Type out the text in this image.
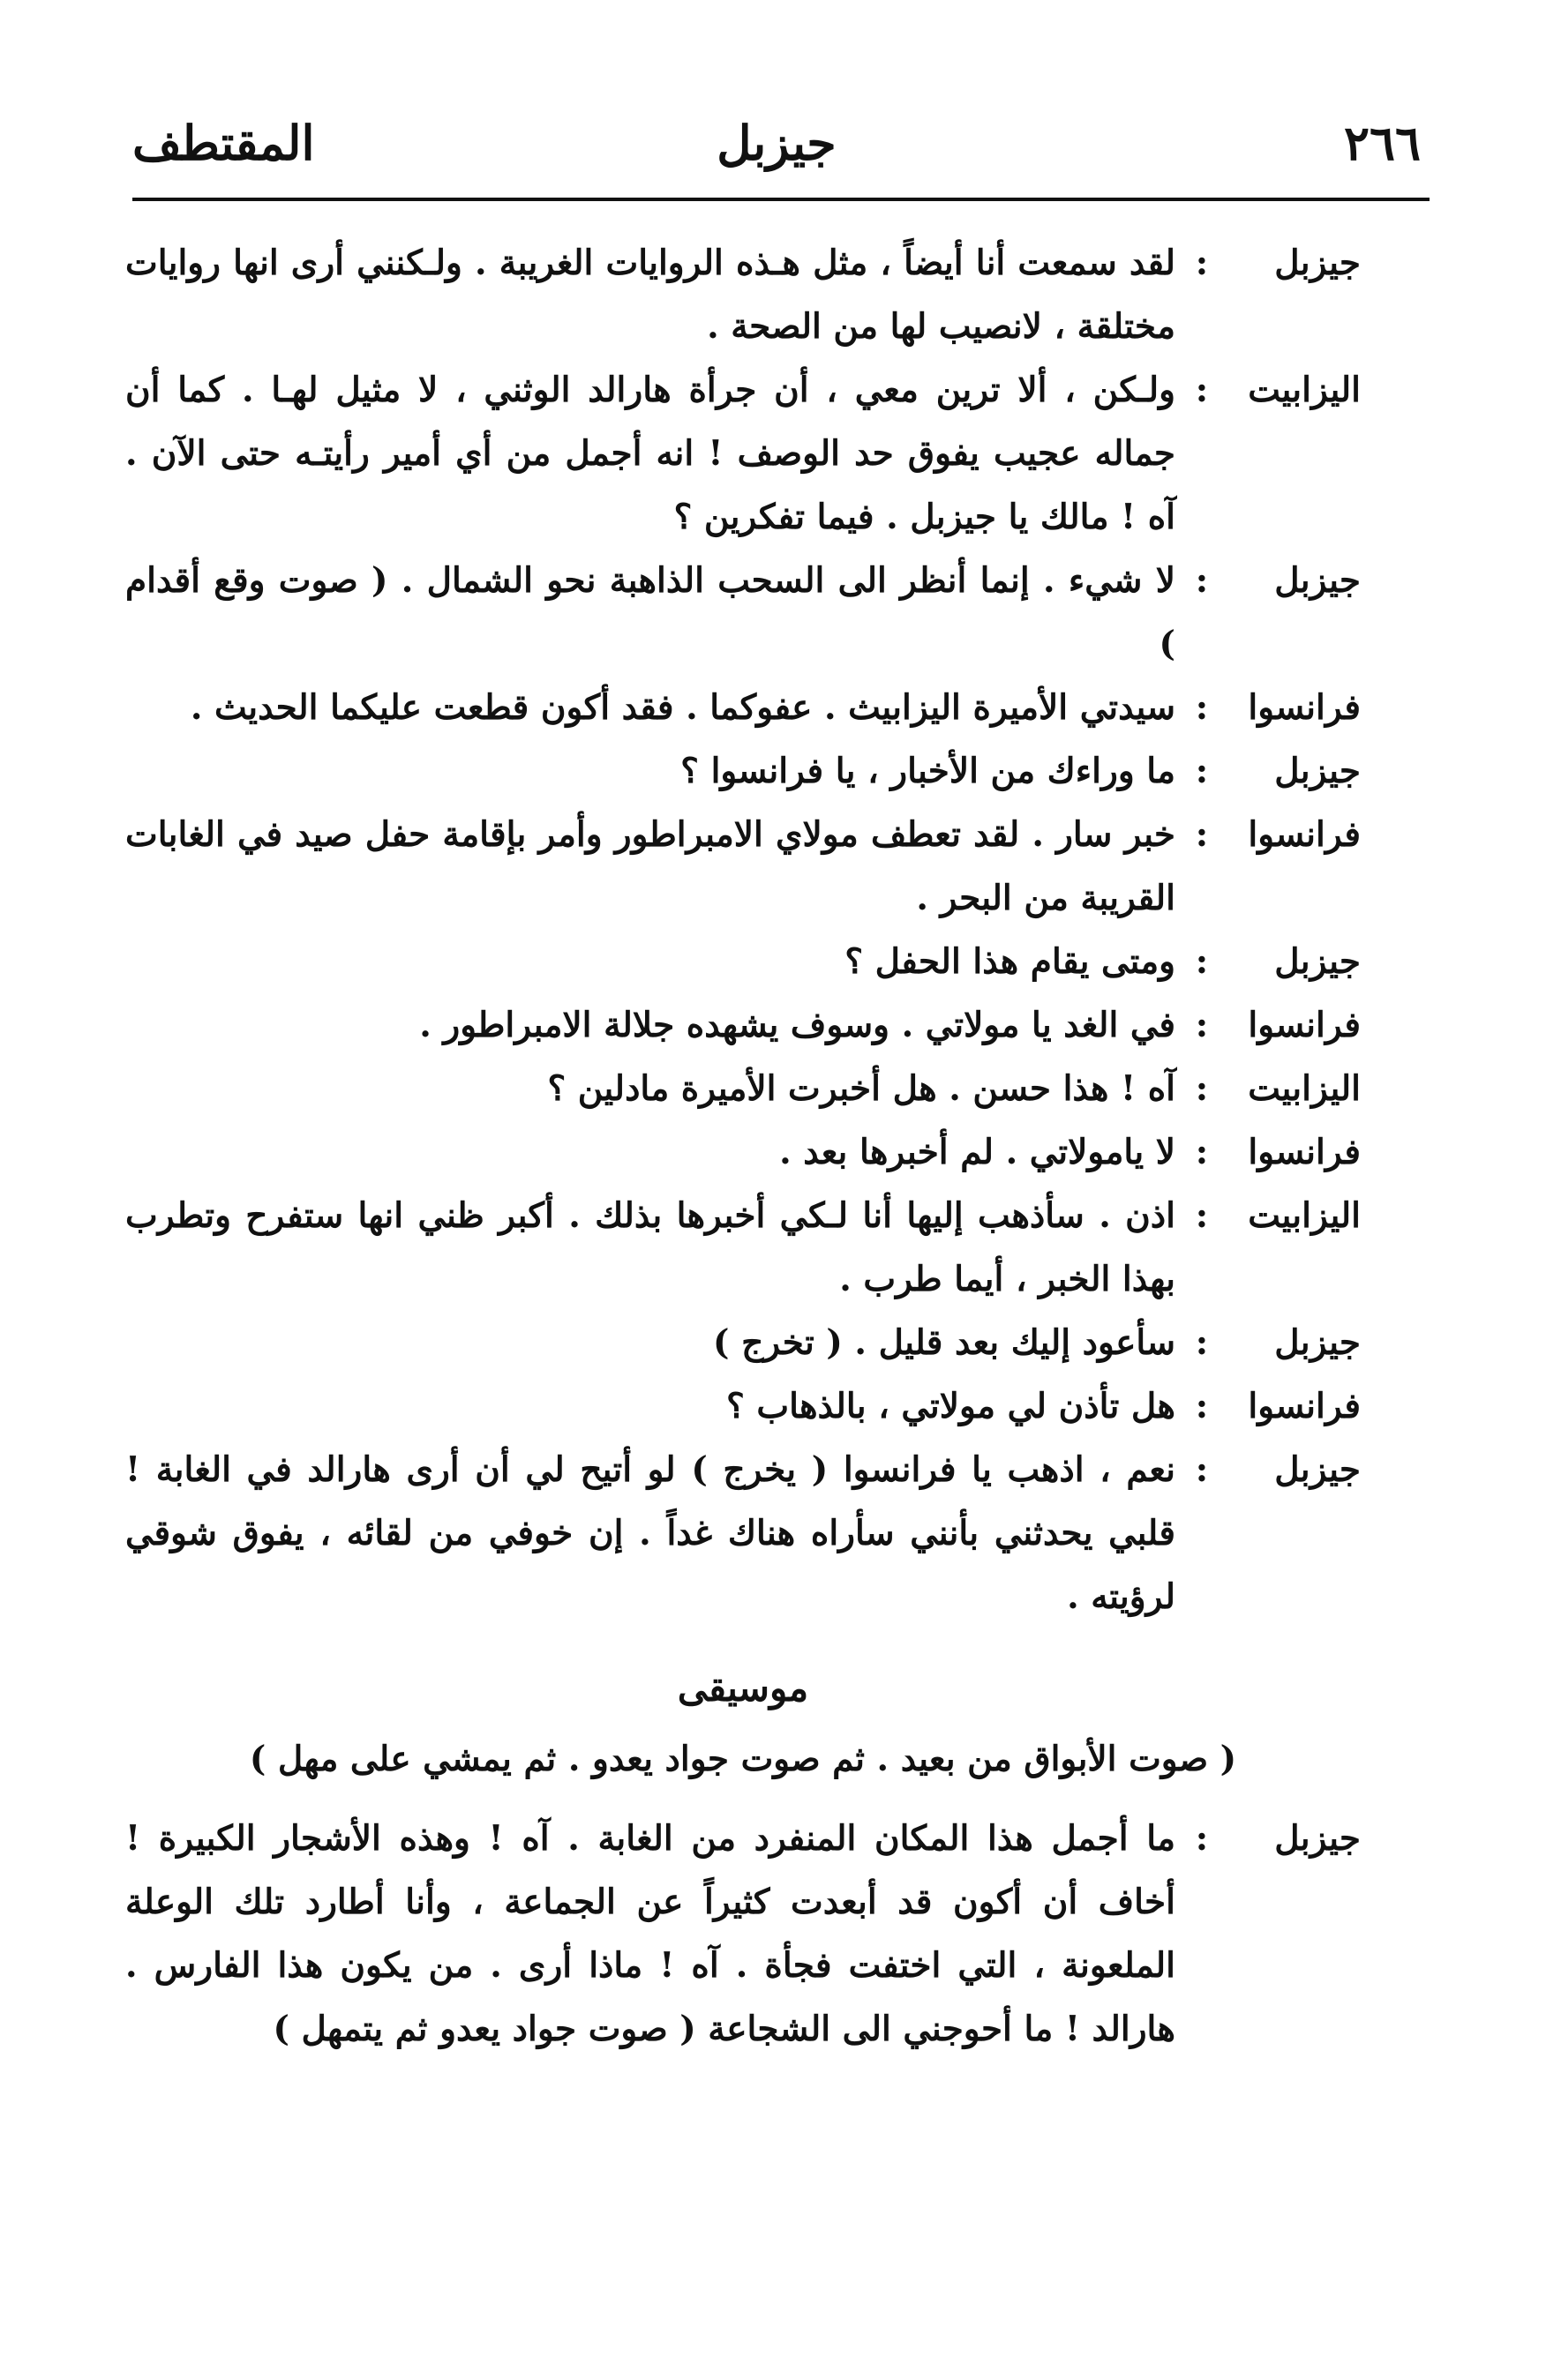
٢٦٦
جيزبل
المقتطف
جيزبل
:
لقد سمعت أنا أيضاً ، مثل هـذه الروايات الغريبة . ولـكنني أرى انها روايات مختلقة ، لانصيب لها من الصحة .
اليزابيت
:
ولـكن ، ألا ترين معي ، أن جرأة هارالد الوثني ، لا مثيل لهـا . كما أن جماله عجيب يفوق حد الوصف ! انه أجمل من أي أمير رأيتـه حتى الآن . آه ! مالك يا جيزبل . فيما تفكرين ؟
جيزبل
:
لا شيء . إنما أنظر الى السحب الذاهبة نحو الشمال . ( صوت وقع أقدام )
فرانسوا
:
سيدتي الأميرة اليزابيث . عفوكما . فقد أكون قطعت عليكما الحديث .
جيزبل
:
ما وراءك من الأخبار ، يا فرانسوا ؟
فرانسوا
:
خبر سار . لقد تعطف مولاي الامبراطور وأمر بإقامة حفل صيد في الغابات القريبة من البحر .
جيزبل
:
ومتى يقام هذا الحفل ؟
فرانسوا
:
في الغد يا مولاتي . وسوف يشهده جلالة الامبراطور .
اليزابيت
:
آه ! هذا حسن . هل أخبرت الأميرة مادلين ؟
فرانسوا
:
لا يامولاتي . لم أخبرها بعد .
اليزابيت
:
اذن . سأذهب إليها أنا لـكي أخبرها بذلك . أكبر ظني انها ستفرح وتطرب بهذا الخبر ، أيما طرب .
جيزبل
:
سأعود إليك بعد قليل . ( تخرج )
فرانسوا
:
هل تأذن لي مولاتي ، بالذهاب ؟
جيزبل
:
نعم ، اذهب يا فرانسوا ( يخرج ) لو أتيح لي أن أرى هارالد في الغابة ! قلبي يحدثني بأنني سأراه هناك غداً . إن خوفي من لقائه ، يفوق شوقي لرؤيته .
موسيقى
( صوت الأبواق من بعيد . ثم صوت جواد يعدو . ثم يمشي على مهل )
جيزبل
:
ما أجمل هذا المكان المنفرد من الغابة . آه ! وهذه الأشجار الكبيرة ! أخاف أن أكون قد أبعدت كثيراً عن الجماعة ، وأنا أطارد تلك الوعلة الملعونة ، التي اختفت فجأة . آه ! ماذا أرى . من يكون هذا الفارس . هارالد ! ما أحوجني الى الشجاعة ( صوت جواد يعدو ثم يتمهل )
